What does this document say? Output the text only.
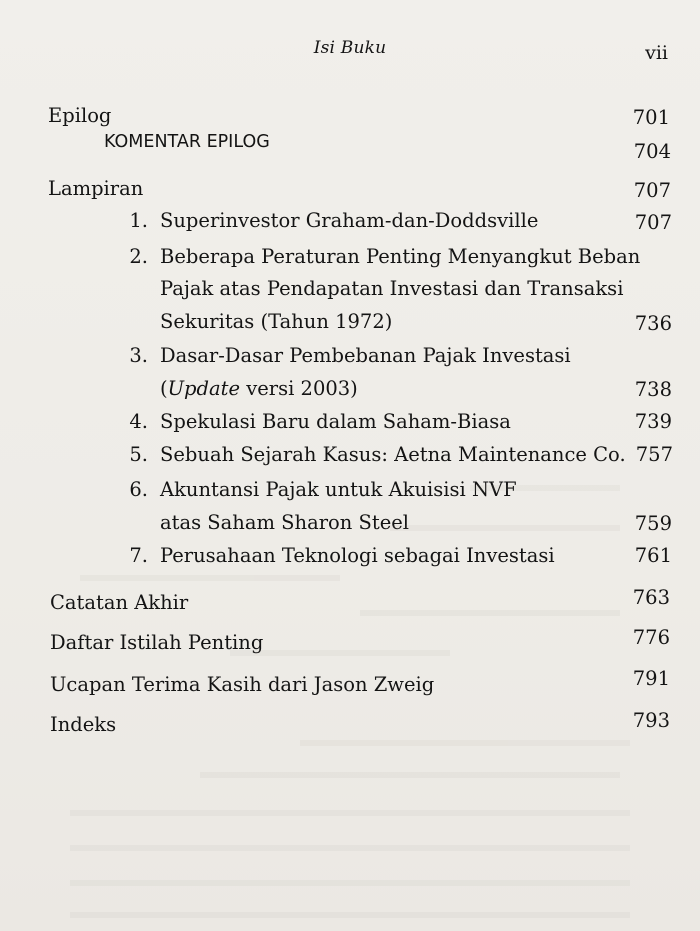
Isi Buku	vii
Epilog	701
KOMENTAR EPILOG	704
Lampiran	707
1. Superinvestor Graham-dan-Doddsville	707
2. Beberapa Peraturan Penting Menyangkut Beban
Pajak atas Pendapatan Investasi dan Transaksi
Sekuritas (Tahun 1972)	736
3. Dasar-Dasar Pembebanan Pajak Investasi
(Update versi 2003)	738
4. Spekulasi Baru dalam Saham-Biasa	739
5. Sebuah Sejarah Kasus: Aetna Maintenance Co. 757
6. Akuntansi Pajak untuk Akuisisi NVF
atas Saham Sharon Steel	759
7. Perusahaan Teknologi sebagai Investasi	761
Catatan Akhir	763
Daftar Istilah Penting	776
Ucapan Terima Kasih dari Jason Zweig	791
Indeks	793
